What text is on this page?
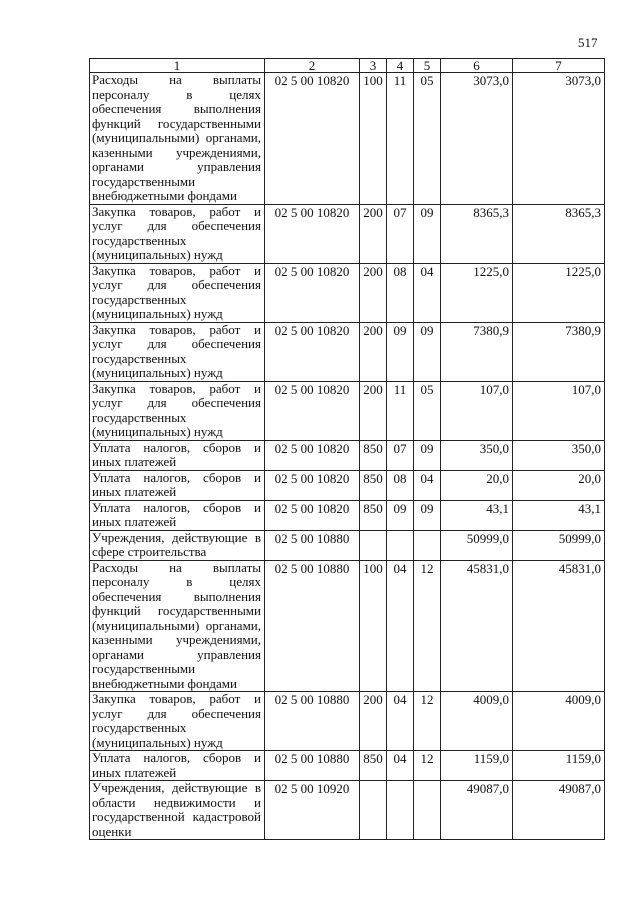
517
1	2	3	4	5	6	7
Расходы на выплаты персоналу в целях обеспечения выполнения функций государственными (муниципальными) органами, казенными учреждениями, органами управления государственными внебюджетными фондами	02 5 00 10820	100	11	05	3073,0	3073,0
Закупка товаров, работ и услуг для обеспечения государственных (муниципальных) нужд	02 5 00 10820	200	07	09	8365,3	8365,3
Закупка товаров, работ и услуг для обеспечения государственных (муниципальных) нужд	02 5 00 10820	200	08	04	1225,0	1225,0
Закупка товаров, работ и услуг для обеспечения государственных (муниципальных) нужд	02 5 00 10820	200	09	09	7380,9	7380,9
Закупка товаров, работ и услуг для обеспечения государственных (муниципальных) нужд	02 5 00 10820	200	11	05	107,0	107,0
Уплата налогов, сборов и иных платежей	02 5 00 10820	850	07	09	350,0	350,0
Уплата налогов, сборов и иных платежей	02 5 00 10820	850	08	04	20,0	20,0
Уплата налогов, сборов и иных платежей	02 5 00 10820	850	09	09	43,1	43,1
Учреждения, действующие в сфере строительства	02 5 00 10880				50999,0	50999,0
Расходы на выплаты персоналу в целях обеспечения выполнения функций государственными (муниципальными) органами, казенными учреждениями, органами управления государственными внебюджетными фондами	02 5 00 10880	100	04	12	45831,0	45831,0
Закупка товаров, работ и услуг для обеспечения государственных (муниципальных) нужд	02 5 00 10880	200	04	12	4009,0	4009,0
Уплата налогов, сборов и иных платежей	02 5 00 10880	850	04	12	1159,0	1159,0
Учреждения, действующие в области недвижимости и государственной кадастровой оценки	02 5 00 10920				49087,0	49087,0
